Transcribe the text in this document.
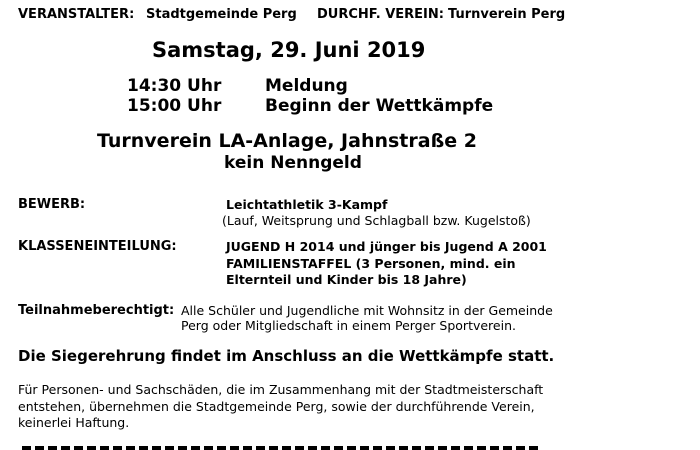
VERANSTALTER: Stadtgemeinde Perg DURCHF. VEREIN: Turnverein Perg
Samstag, 29. Juni 2019
14:30 Uhr	Meldung
15:00 Uhr	Beginn der Wettkämpfe
Turnverein LA-Anlage, Jahnstraße 2
kein Nenngeld
BEWERB:	Leichtathletik 3-Kampf
(Lauf, Weitsprung und Schlagball bzw. Kugelstoß)
KLASSENEINTEILUNG:	JUGEND H 2014 und jünger bis Jugend A 2001
FAMILIENSTAFFEL (3 Personen, mind. ein
Elternteil und Kinder bis 18 Jahre)
Teilnahmeberechtigt: Alle Schüler und Jugendliche mit Wohnsitz in der Gemeinde
Perg oder Mitgliedschaft in einem Perger Sportverein.
Die Siegerehrung findet im Anschluss an die Wettkämpfe statt.
Für Personen- und Sachschäden, die im Zusammenhang mit der Stadtmeisterschaft
entstehen, übernehmen die Stadtgemeinde Perg, sowie der durchführende Verein,
keinerlei Haftung.
